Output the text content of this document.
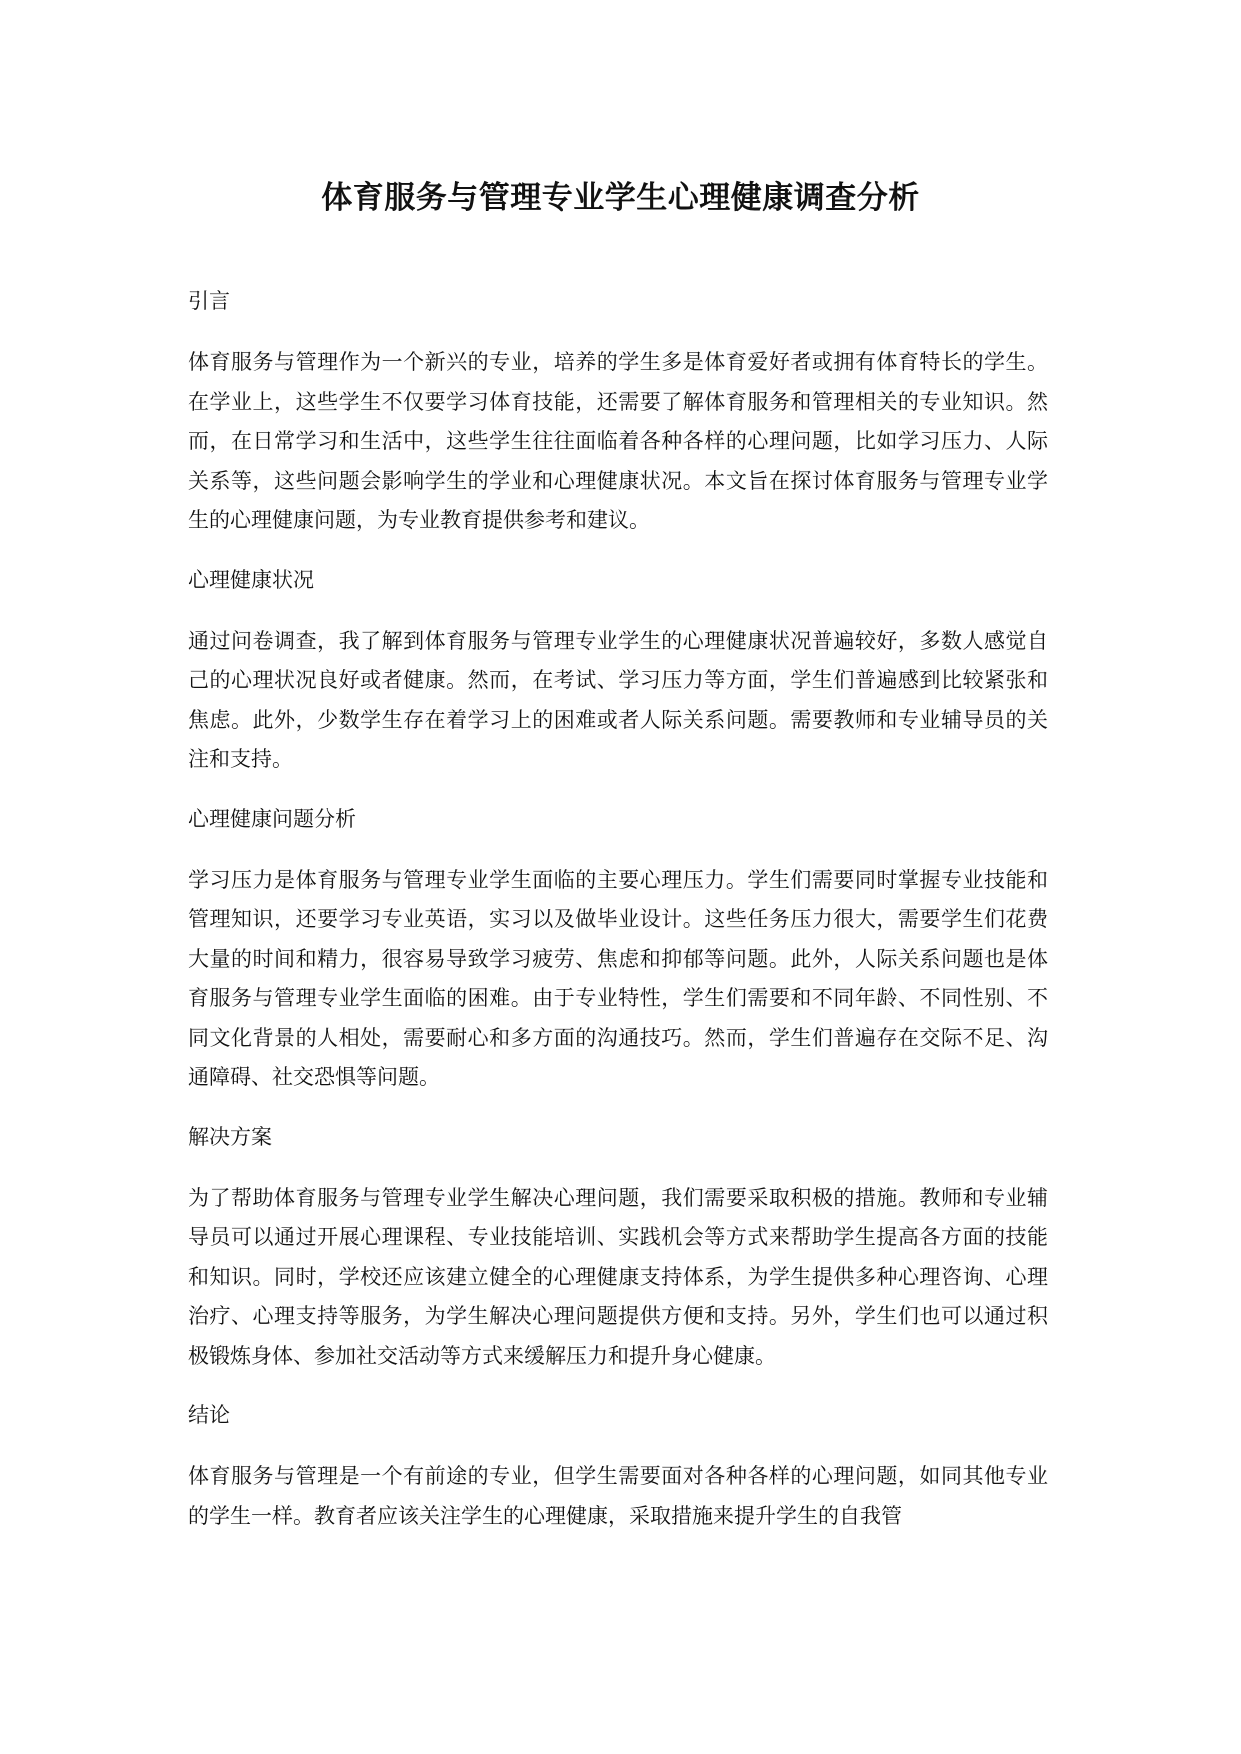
体育服务与管理专业学生心理健康调查分析

引言

体育服务与管理作为一个新兴的专业，培养的学生多是体育爱好者或拥有体育特长的学生。在学业上，这些学生不仅要学习体育技能，还需要了解体育服务和管理相关的专业知识。然而，在日常学习和生活中，这些学生往往面临着各种各样的心理问题，比如学习压力、人际关系等，这些问题会影响学生的学业和心理健康状况。本文旨在探讨体育服务与管理专业学生的心理健康问题，为专业教育提供参考和建议。

心理健康状况

通过问卷调查，我了解到体育服务与管理专业学生的心理健康状况普遍较好，多数人感觉自己的心理状况良好或者健康。然而，在考试、学习压力等方面，学生们普遍感到比较紧张和焦虑。此外，少数学生存在着学习上的困难或者人际关系问题。需要教师和专业辅导员的关注和支持。

心理健康问题分析

学习压力是体育服务与管理专业学生面临的主要心理压力。学生们需要同时掌握专业技能和管理知识，还要学习专业英语，实习以及做毕业设计。这些任务压力很大，需要学生们花费大量的时间和精力，很容易导致学习疲劳、焦虑和抑郁等问题。此外，人际关系问题也是体育服务与管理专业学生面临的困难。由于专业特性，学生们需要和不同年龄、不同性别、不同文化背景的人相处，需要耐心和多方面的沟通技巧。然而，学生们普遍存在交际不足、沟通障碍、社交恐惧等问题。

解决方案

为了帮助体育服务与管理专业学生解决心理问题，我们需要采取积极的措施。教师和专业辅导员可以通过开展心理课程、专业技能培训、实践机会等方式来帮助学生提高各方面的技能和知识。同时，学校还应该建立健全的心理健康支持体系，为学生提供多种心理咨询、心理治疗、心理支持等服务，为学生解决心理问题提供方便和支持。另外，学生们也可以通过积极锻炼身体、参加社交活动等方式来缓解压力和提升身心健康。

结论

体育服务与管理是一个有前途的专业，但学生需要面对各种各样的心理问题，如同其他专业的学生一样。教育者应该关注学生的心理健康，采取措施来提升学生的自我管
